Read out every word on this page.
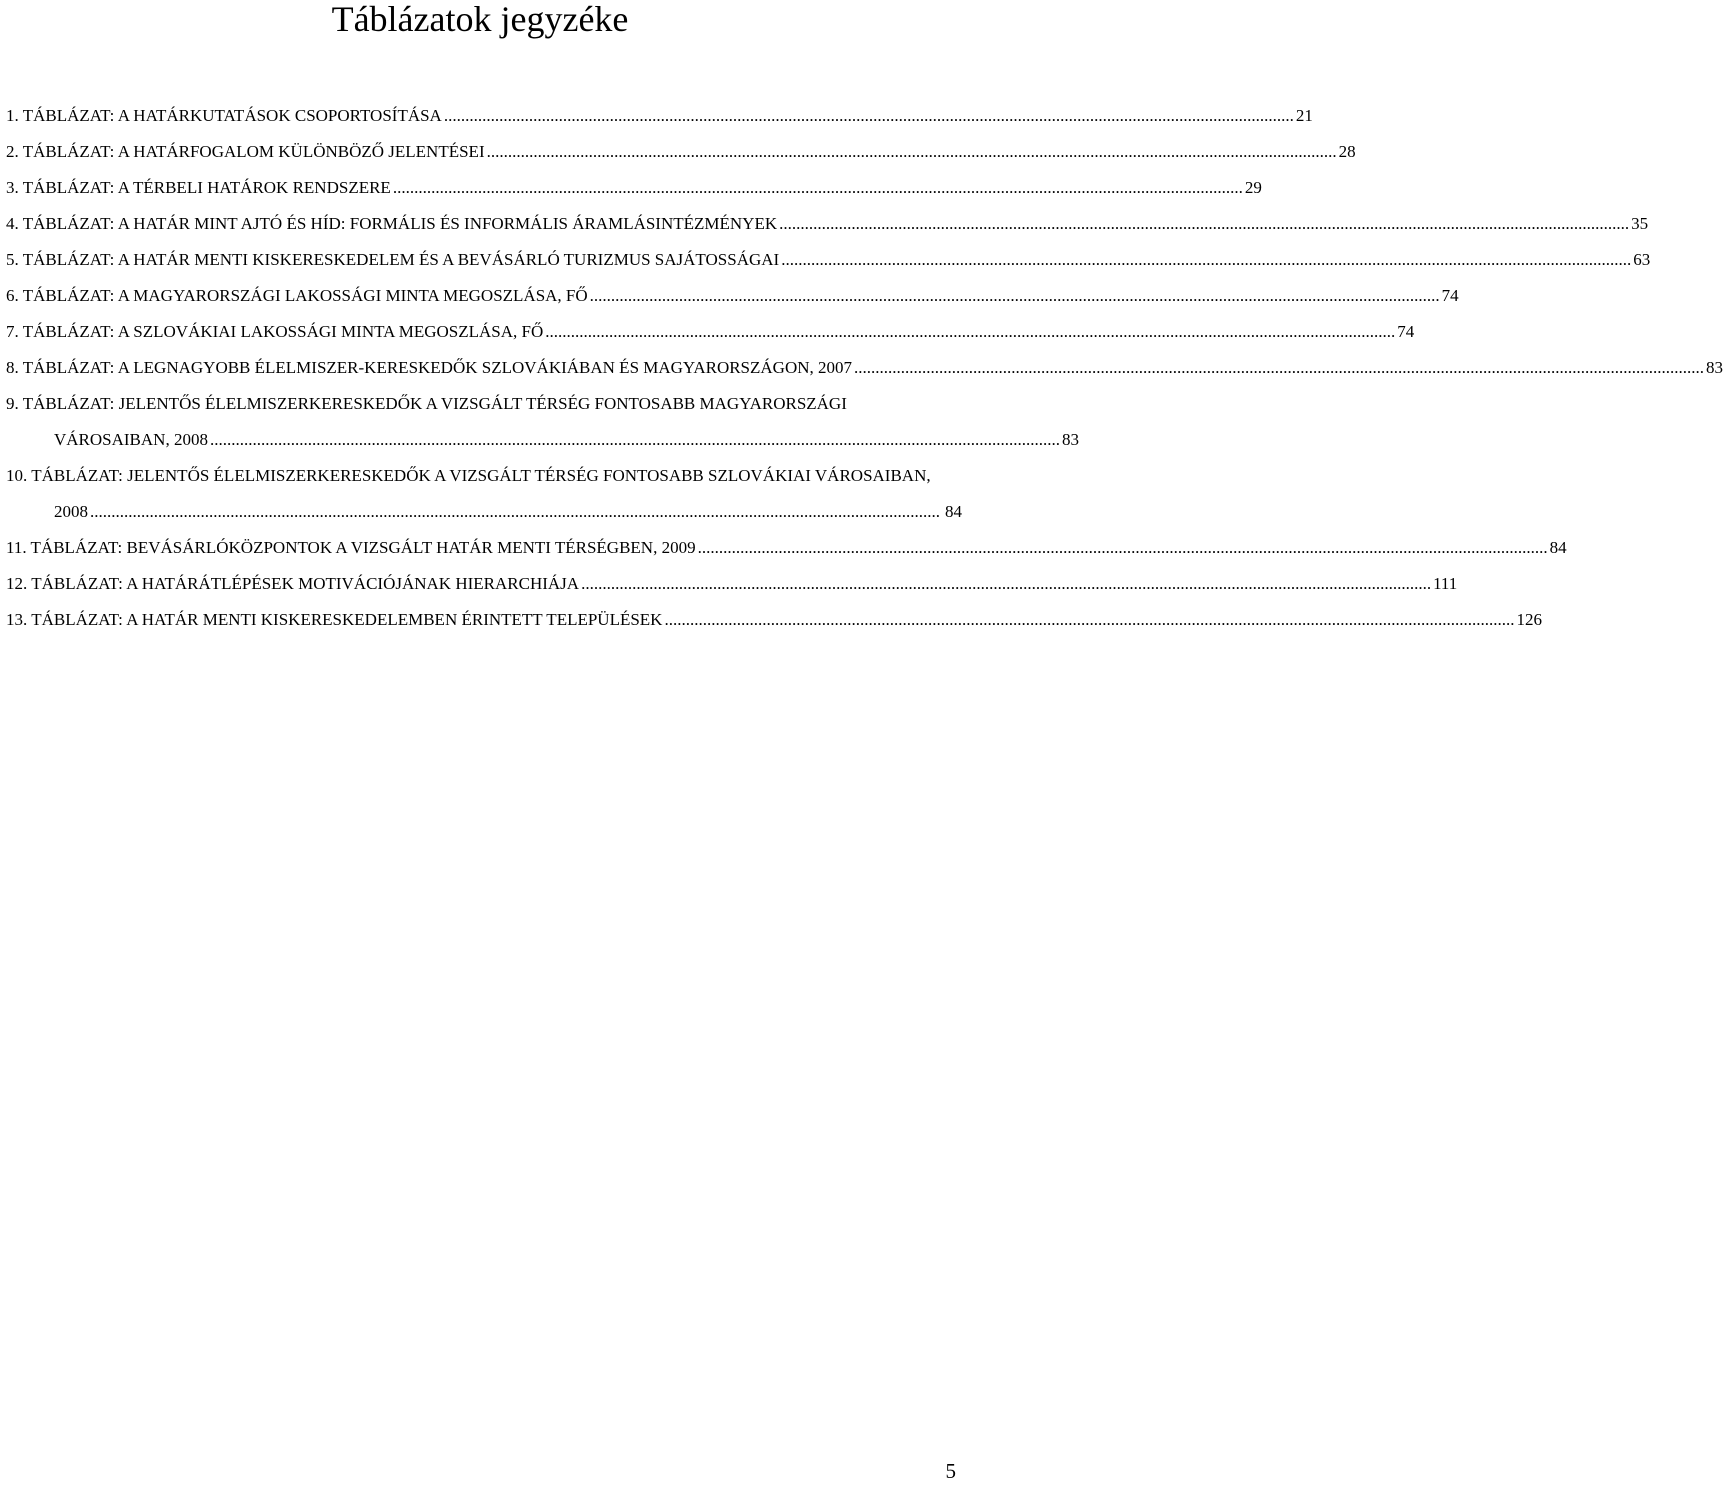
Táblázatok jegyzéke
1. TÁBLÁZAT: A HATÁRKUTATÁSOK CSOPORTOSÍTÁSA ........................................................................................................................................................................................................ 21
2. TÁBLÁZAT: A HATÁRFOGALOM KÜLÖNBÖZŐ JELENTÉSEI ........................................................................................................................................................................................................ 28
3. TÁBLÁZAT: A TÉRBELI HATÁROK RENDSZERE ........................................................................................................................................................................................................ 29
4. TÁBLÁZAT: A HATÁR MINT AJTÓ ÉS HÍD: FORMÁLIS ÉS INFORMÁLIS ÁRAMLÁSINTÉZMÉNYEK ........................................................................................................................................................................................................ 35
5. TÁBLÁZAT: A HATÁR MENTI KISKERESKEDELEM ÉS A BEVÁSÁRLÓ TURIZMUS SAJÁTOSSÁGAI ........................................................................................................................................................................................................ 63
6. TÁBLÁZAT: A MAGYARORSZÁGI LAKOSSÁGI MINTA MEGOSZLÁSA, FŐ ........................................................................................................................................................................................................ 74
7. TÁBLÁZAT: A SZLOVÁKIAI LAKOSSÁGI MINTA MEGOSZLÁSA, FŐ ........................................................................................................................................................................................................ 74
8. TÁBLÁZAT: A LEGNAGYOBB ÉLELMISZER-KERESKEDŐK SZLOVÁKIÁBAN ÉS MAGYARORSZÁGON, 2007 ........................................................................................................................................................................................................ 83
9. TÁBLÁZAT: JELENTŐS ÉLELMISZERKERESKEDŐK A VIZSGÁLT TÉRSÉG FONTOSABB MAGYARORSZÁGI
VÁROSAIBAN, 2008 ........................................................................................................................................................................................................ 83
10. TÁBLÁZAT: JELENTŐS ÉLELMISZERKERESKEDŐK A VIZSGÁLT TÉRSÉG FONTOSABB SZLOVÁKIAI VÁROSAIBAN,
2008 ........................................................................................................................................................................................................ 84
11. TÁBLÁZAT: BEVÁSÁRLÓKÖZPONTOK A VIZSGÁLT HATÁR MENTI TÉRSÉGBEN, 2009 ........................................................................................................................................................................................................ 84
12. TÁBLÁZAT: A HATÁRÁTLÉPÉSEK MOTIVÁCIÓJÁNAK HIERARCHIÁJA ........................................................................................................................................................................................................ 111
13. TÁBLÁZAT: A HATÁR MENTI KISKERESKEDELEMBEN ÉRINTETT TELEPÜLÉSEK ........................................................................................................................................................................................................ 126
5
